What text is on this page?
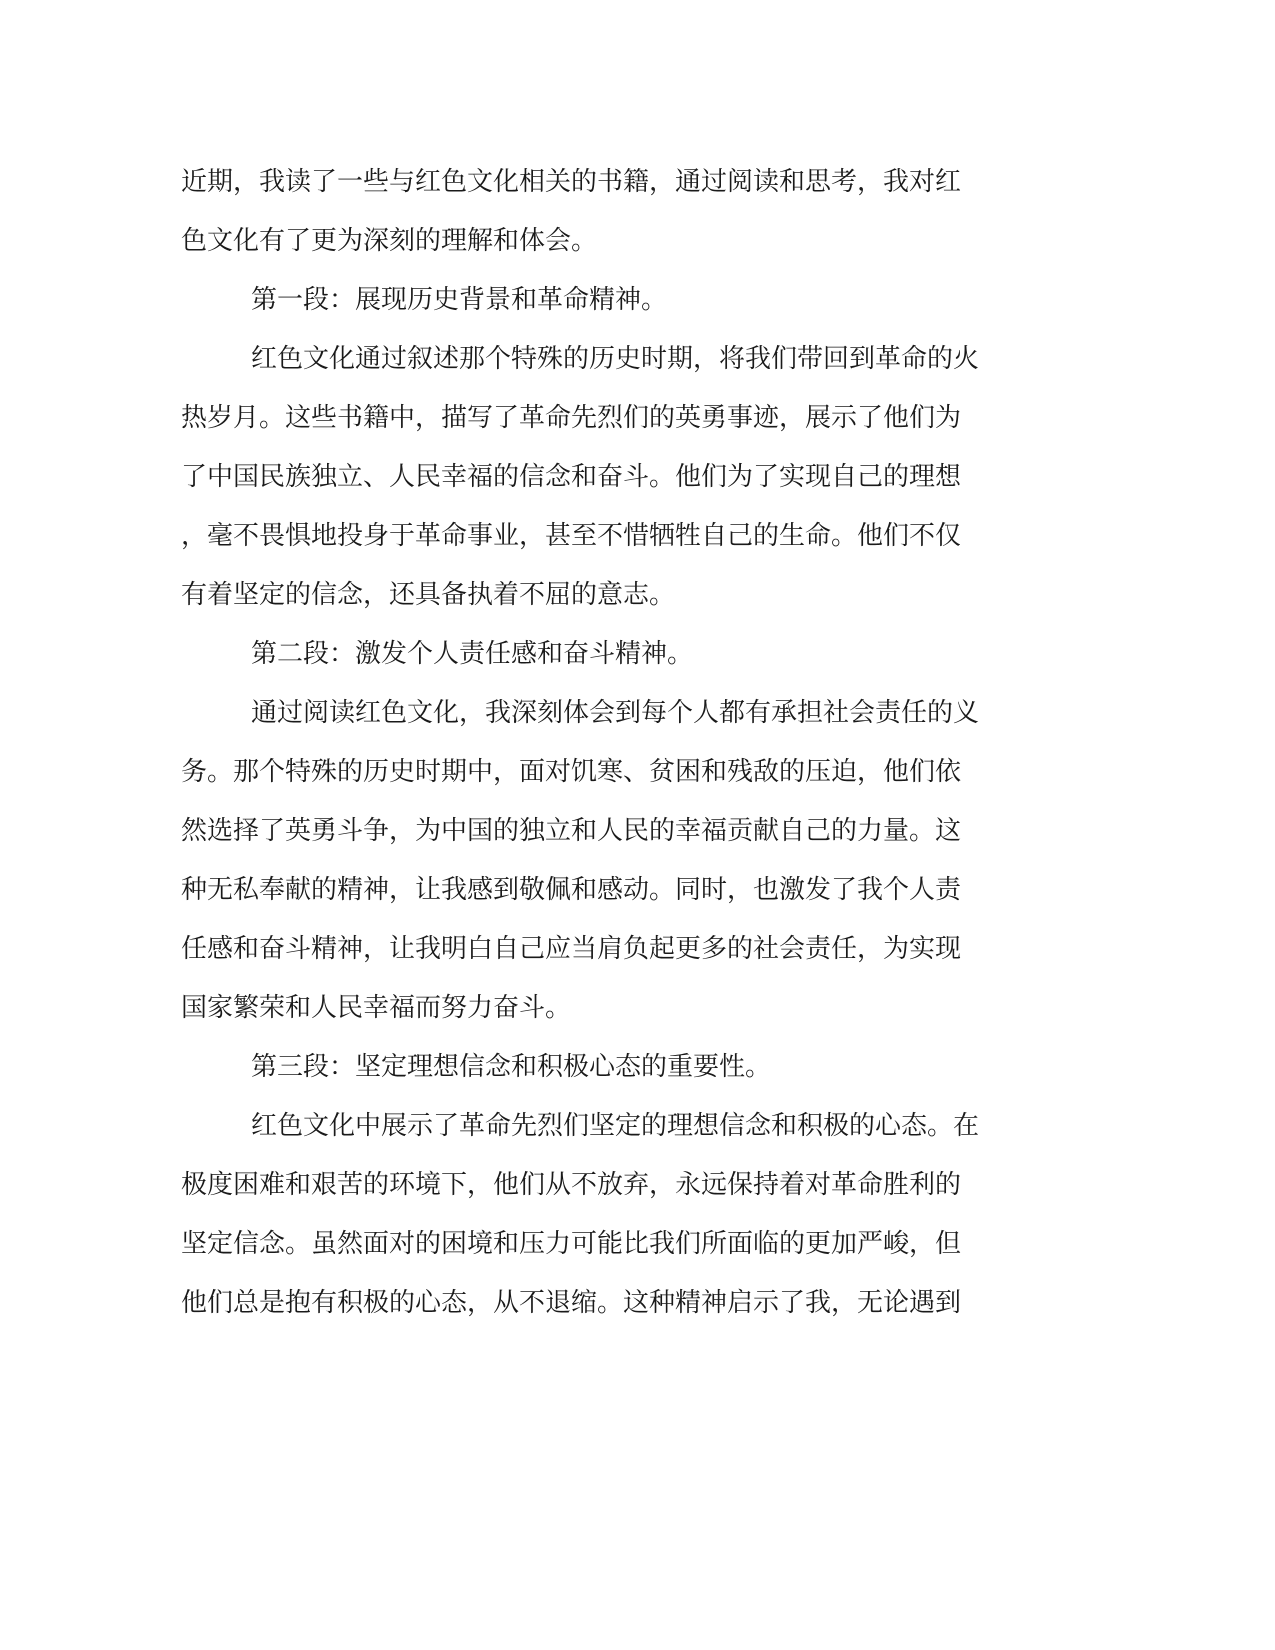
近期，我读了一些与红色文化相关的书籍，通过阅读和思考，我对红
色文化有了更为深刻的理解和体会。
第一段：展现历史背景和革命精神。
红色文化通过叙述那个特殊的历史时期，将我们带回到革命的火
热岁月。这些书籍中，描写了革命先烈们的英勇事迹，展示了他们为
了中国民族独立、人民幸福的信念和奋斗。他们为了实现自己的理想
，毫不畏惧地投身于革命事业，甚至不惜牺牲自己的生命。他们不仅
有着坚定的信念，还具备执着不屈的意志。
第二段：激发个人责任感和奋斗精神。
通过阅读红色文化，我深刻体会到每个人都有承担社会责任的义
务。那个特殊的历史时期中，面对饥寒、贫困和残敌的压迫，他们依
然选择了英勇斗争，为中国的独立和人民的幸福贡献自己的力量。这
种无私奉献的精神，让我感到敬佩和感动。同时，也激发了我个人责
任感和奋斗精神，让我明白自己应当肩负起更多的社会责任，为实现
国家繁荣和人民幸福而努力奋斗。
第三段：坚定理想信念和积极心态的重要性。
红色文化中展示了革命先烈们坚定的理想信念和积极的心态。在
极度困难和艰苦的环境下，他们从不放弃，永远保持着对革命胜利的
坚定信念。虽然面对的困境和压力可能比我们所面临的更加严峻，但
他们总是抱有积极的心态，从不退缩。这种精神启示了我，无论遇到
